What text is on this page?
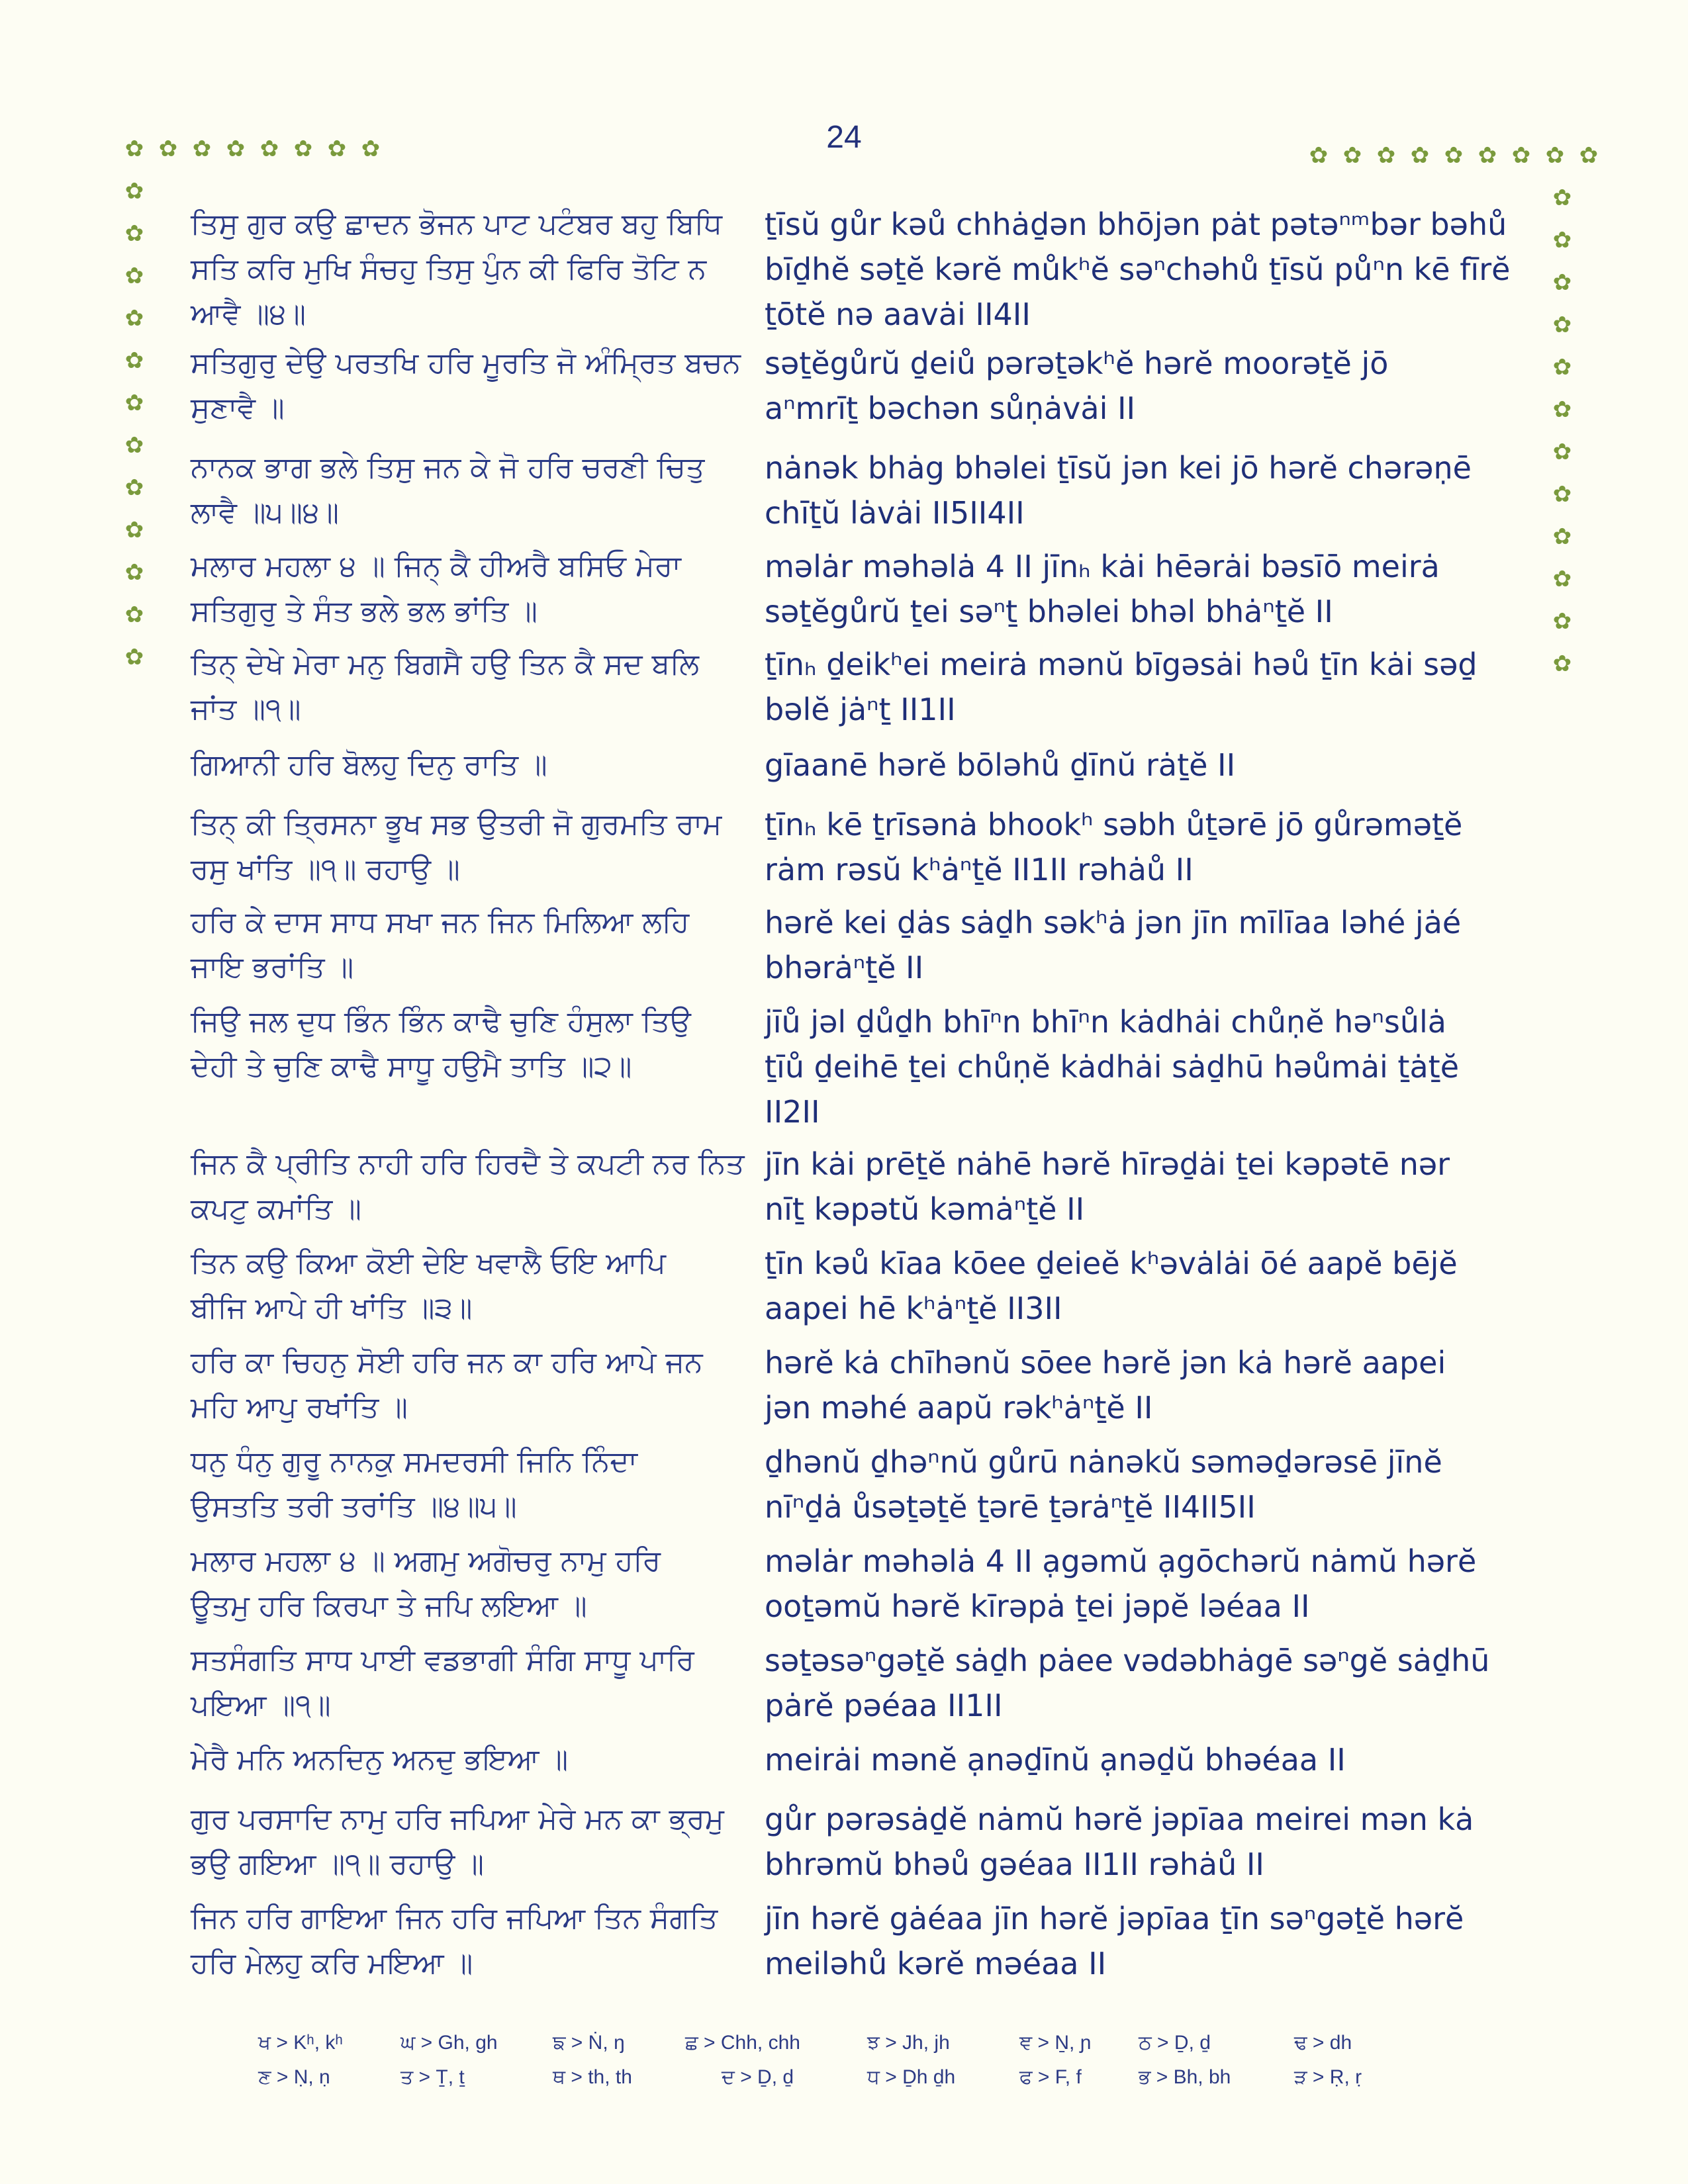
24
✿ ✿ ✿ ✿ ✿ ✿ ✿ ✿
✿
✿
✿
✿
✿
✿
✿
✿
✿
✿
✿
✿
✿ ✿ ✿ ✿ ✿ ✿ ✿ ✿ ✿
✿
✿
✿
✿
✿
✿
✿
✿
✿
✿
✿
✿
ਤਿਸੁ ਗੁਰ ਕਉ ਛਾਦਨ ਭੋਜਨ ਪਾਟ ਪਟੰਬਰ ਬਹੁ ਬਿਧਿ
ਸਤਿ ਕਰਿ ਮੁਖਿ ਸੰਚਹੁ ਤਿਸੁ ਪੁੰਨ ਕੀ ਫਿਰਿ ਤੋਟਿ ਨ
ਆਵੈ ॥੪॥
ṯīsŭ gůr kəů chhȧḏən bhōjən pȧt pətəⁿᵐbər bəhů
bīḏhĕ səṯĕ kərĕ můkʰĕ səⁿchəhů ṯīsŭ půⁿn kē fīrĕ
ṯōtĕ nə aavȧi II4II
ਸਤਿਗੁਰੁ ਦੇਉ ਪਰਤਖਿ ਹਰਿ ਮੂਰਤਿ ਜੋ ਅੰਮ੍ਰਿਤ ਬਚਨ
ਸੁਣਾਵੈ ॥
səṯĕgůrŭ ḏeiů pərəṯəkʰĕ hərĕ moorəṯĕ jō
aⁿmrīṯ bəchən sůṇȧvȧi II
ਨਾਨਕ ਭਾਗ ਭਲੇ ਤਿਸੁ ਜਨ ਕੇ ਜੋ ਹਰਿ ਚਰਣੀ ਚਿਤੁ
ਲਾਵੈ ॥੫॥੪॥
nȧnək bhȧg bhəlei ṯīsŭ jən kei jō hərĕ chərəṇē
chīṯŭ lȧvȧi II5II4II
ਮਲਾਰ ਮਹਲਾ ੪ ॥ ਜਿਨ੍ ਕੈ ਹੀਅਰੈ ਬਸਿਓ ਮੇਰਾ
ਸਤਿਗੁਰੁ ਤੇ ਸੰਤ ਭਲੇ ਭਲ ਭਾਂਤਿ ॥
məlȧr məhəlȧ 4 II jīnₕ kȧi hēərȧi bəsīō meirȧ
səṯĕgůrŭ ṯei səⁿṯ bhəlei bhəl bhȧⁿṯĕ II
ਤਿਨ੍ ਦੇਖੇ ਮੇਰਾ ਮਨੁ ਬਿਗਸੈ ਹਉ ਤਿਨ ਕੈ ਸਦ ਬਲਿ
ਜਾਂਤ ॥੧॥
ṯīnₕ ḏeikʰei meirȧ mənŭ bīgəsȧi həů ṯīn kȧi səḏ
bəlĕ jȧⁿṯ II1II
ਗਿਆਨੀ ਹਰਿ ਬੋਲਹੁ ਦਿਨੁ ਰਾਤਿ ॥	gīaanē hərĕ bōləhů ḏīnŭ rȧṯĕ II
ਤਿਨ੍ ਕੀ ਤ੍ਰਿਸਨਾ ਭੂਖ ਸਭ ਉਤਰੀ ਜੋ ਗੁਰਮਤਿ ਰਾਮ
ਰਸੁ ਖਾਂਤਿ ॥੧॥ ਰਹਾਉ ॥
ṯīnₕ kē ṯrīsənȧ bhookʰ səbh ůṯərē jō gůrəməṯĕ
rȧm rəsŭ kʰȧⁿṯĕ II1II rəhȧů II
ਹਰਿ ਕੇ ਦਾਸ ਸਾਧ ਸਖਾ ਜਨ ਜਿਨ ਮਿਲਿਆ ਲਹਿ
ਜਾਇ ਭਰਾਂਤਿ ॥
hərĕ kei ḏȧs sȧḏh səkʰȧ jən jīn mīlīaa ləhé jȧé
bhərȧⁿṯĕ II
ਜਿਉ ਜਲ ਦੁਧ ਭਿੰਨ ਭਿੰਨ ਕਾਢੈ ਚੁਣਿ ਹੰਸੁਲਾ ਤਿਉ
ਦੇਹੀ ਤੇ ਚੁਣਿ ਕਾਢੈ ਸਾਧੂ ਹਉਮੈ ਤਾਤਿ ॥੨॥
jīů jəl ḏůḏh bhīⁿn bhīⁿn kȧdhȧi chůṇĕ həⁿsůlȧ
ṯīů ḏeihē ṯei chůṇĕ kȧdhȧi sȧḏhū həůmȧi ṯȧṯĕ
II2II
ਜਿਨ ਕੈ ਪ੍ਰੀਤਿ ਨਾਹੀ ਹਰਿ ਹਿਰਦੈ ਤੇ ਕਪਟੀ ਨਰ ਨਿਤ
ਕਪਟੁ ਕਮਾਂਤਿ ॥
jīn kȧi prēṯĕ nȧhē hərĕ hīrəḏȧi ṯei kəpətē nər
nīṯ kəpətŭ kəmȧⁿṯĕ II
ਤਿਨ ਕਉ ਕਿਆ ਕੋਈ ਦੇਇ ਖਵਾਲੈ ਓਇ ਆਪਿ
ਬੀਜਿ ਆਪੇ ਹੀ ਖਾਂਤਿ ॥੩॥
ṯīn kəů kīaa kōee ḏeieĕ kʰəvȧlȧi ōé aapĕ bējĕ
aapei hē kʰȧⁿṯĕ II3II
ਹਰਿ ਕਾ ਚਿਹਨੁ ਸੋਈ ਹਰਿ ਜਨ ਕਾ ਹਰਿ ਆਪੇ ਜਨ
ਮਹਿ ਆਪੁ ਰਖਾਂਤਿ ॥
hərĕ kȧ chīhənŭ sōee hərĕ jən kȧ hərĕ aapei
jən məhé aapŭ rəkʰȧⁿṯĕ II
ਧਨੁ ਧੰਨੁ ਗੁਰੂ ਨਾਨਕੁ ਸਮਦਰਸੀ ਜਿਨਿ ਨਿੰਦਾ
ਉਸਤਤਿ ਤਰੀ ਤਰਾਂਤਿ ॥੪॥੫॥
ḏhənŭ ḏhəⁿnŭ gůrū nȧnəkŭ səməḏərəsē jīnĕ
nīⁿḏȧ ůsəṯəṯĕ ṯərē ṯərȧⁿṯĕ II4II5II
ਮਲਾਰ ਮਹਲਾ ੪ ॥ ਅਗਮੁ ਅਗੋਚਰੁ ਨਾਮੁ ਹਰਿ
ਊਤਮੁ ਹਰਿ ਕਿਰਪਾ ਤੇ ਜਪਿ ਲਇਆ ॥
məlȧr məhəlȧ 4 II ạgəmŭ ạgōchərŭ nȧmŭ hərĕ
ooṯəmŭ hərĕ kīrəpȧ ṯei jəpĕ ləéaa II
ਸਤਸੰਗਤਿ ਸਾਧ ਪਾਈ ਵਡਭਾਗੀ ਸੰਗਿ ਸਾਧੂ ਪਾਰਿ
ਪਇਆ ॥੧॥
səṯəsəⁿgəṯĕ sȧḏh pȧee vədəbhȧgē səⁿgĕ sȧḏhū
pȧrĕ pəéaa II1II
ਮੇਰੈ ਮਨਿ ਅਨਦਿਨੁ ਅਨਦੁ ਭਇਆ ॥	meirȧi mənĕ ạnəḏīnŭ ạnəḏŭ bhəéaa II
ਗੁਰ ਪਰਸਾਦਿ ਨਾਮੁ ਹਰਿ ਜਪਿਆ ਮੇਰੇ ਮਨ ਕਾ ਭ੍ਰਮੁ
ਭਉ ਗਇਆ ॥੧॥ ਰਹਾਉ ॥
gůr pərəsȧḏĕ nȧmŭ hərĕ jəpīaa meirei mən kȧ
bhrəmŭ bhəů gəéaa II1II rəhȧů II
ਜਿਨ ਹਰਿ ਗਾਇਆ ਜਿਨ ਹਰਿ ਜਪਿਆ ਤਿਨ ਸੰਗਤਿ
ਹਰਿ ਮੇਲਹੁ ਕਰਿ ਮਇਆ ॥
jīn hərĕ gȧéaa jīn hərĕ jəpīaa ṯīn səⁿgəṯĕ hərĕ
meiləhů kərĕ məéaa II
ਖ > Kʰ, kʰ	ਘ > Gh, gh	ਙ > Ṅ, ŋ	ਛ > Chh, chh	ਝ > Jh, jh	ਞ > Ṉ, ɲ ਠ > Ḏ, ḏ	ਢ > dh
ਣ > Ṇ, ṇ	ਤ > Ṯ, ṯ	ਥ > th, th	ਦ > Ḏ, ḏ	ਧ > Ḏh ḏh	ਫ > F, f	ਭ > Bh, bh	ੜ > Ṛ, ṛ
